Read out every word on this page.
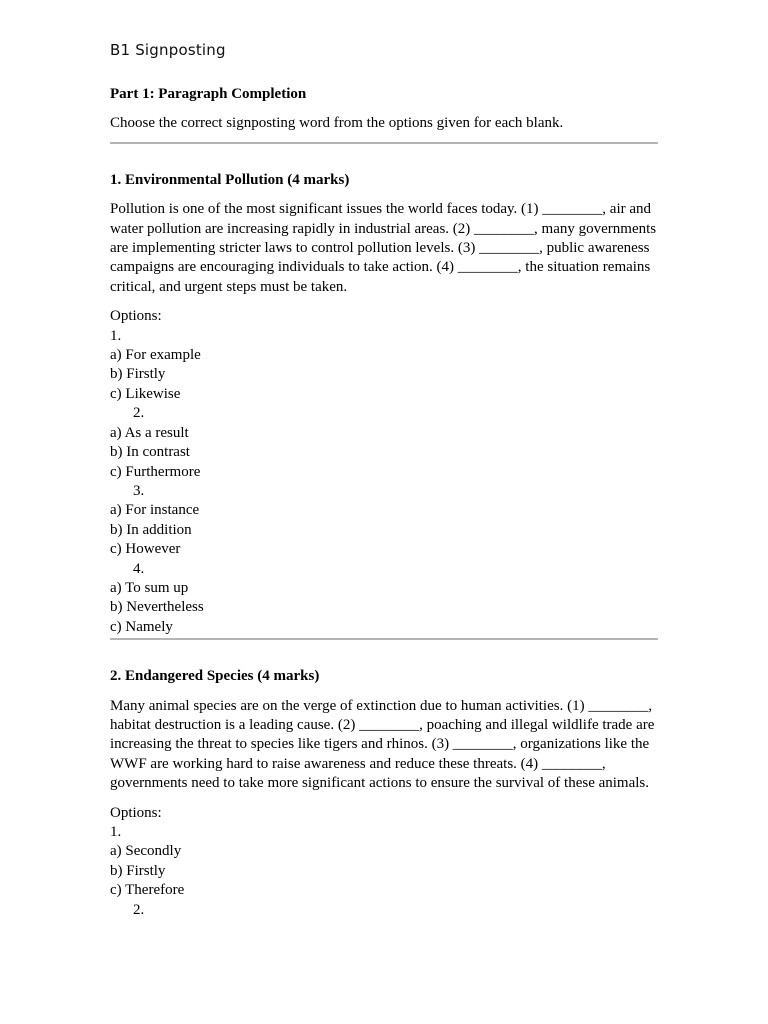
B1 Signposting
Part 1: Paragraph Completion
Choose the correct signposting word from the options given for each blank.
1. Environmental Pollution (4 marks)
Pollution is one of the most significant issues the world faces today. (1) ________, air and water pollution are increasing rapidly in industrial areas. (2) ________, many governments are implementing stricter laws to control pollution levels. (3) ________, public awareness campaigns are encouraging individuals to take action. (4) ________, the situation remains critical, and urgent steps must be taken.
Options:
1.
a) For example
b) Firstly
c) Likewise
2.
a) As a result
b) In contrast
c) Furthermore
3.
a) For instance
b) In addition
c) However
4.
a) To sum up
b) Nevertheless
c) Namely
2. Endangered Species (4 marks)
Many animal species are on the verge of extinction due to human activities. (1) ________, habitat destruction is a leading cause. (2) ________, poaching and illegal wildlife trade are increasing the threat to species like tigers and rhinos. (3) ________, organizations like the WWF are working hard to raise awareness and reduce these threats. (4) ________, governments need to take more significant actions to ensure the survival of these animals.
Options:
1.
a) Secondly
b) Firstly
c) Therefore
2.
